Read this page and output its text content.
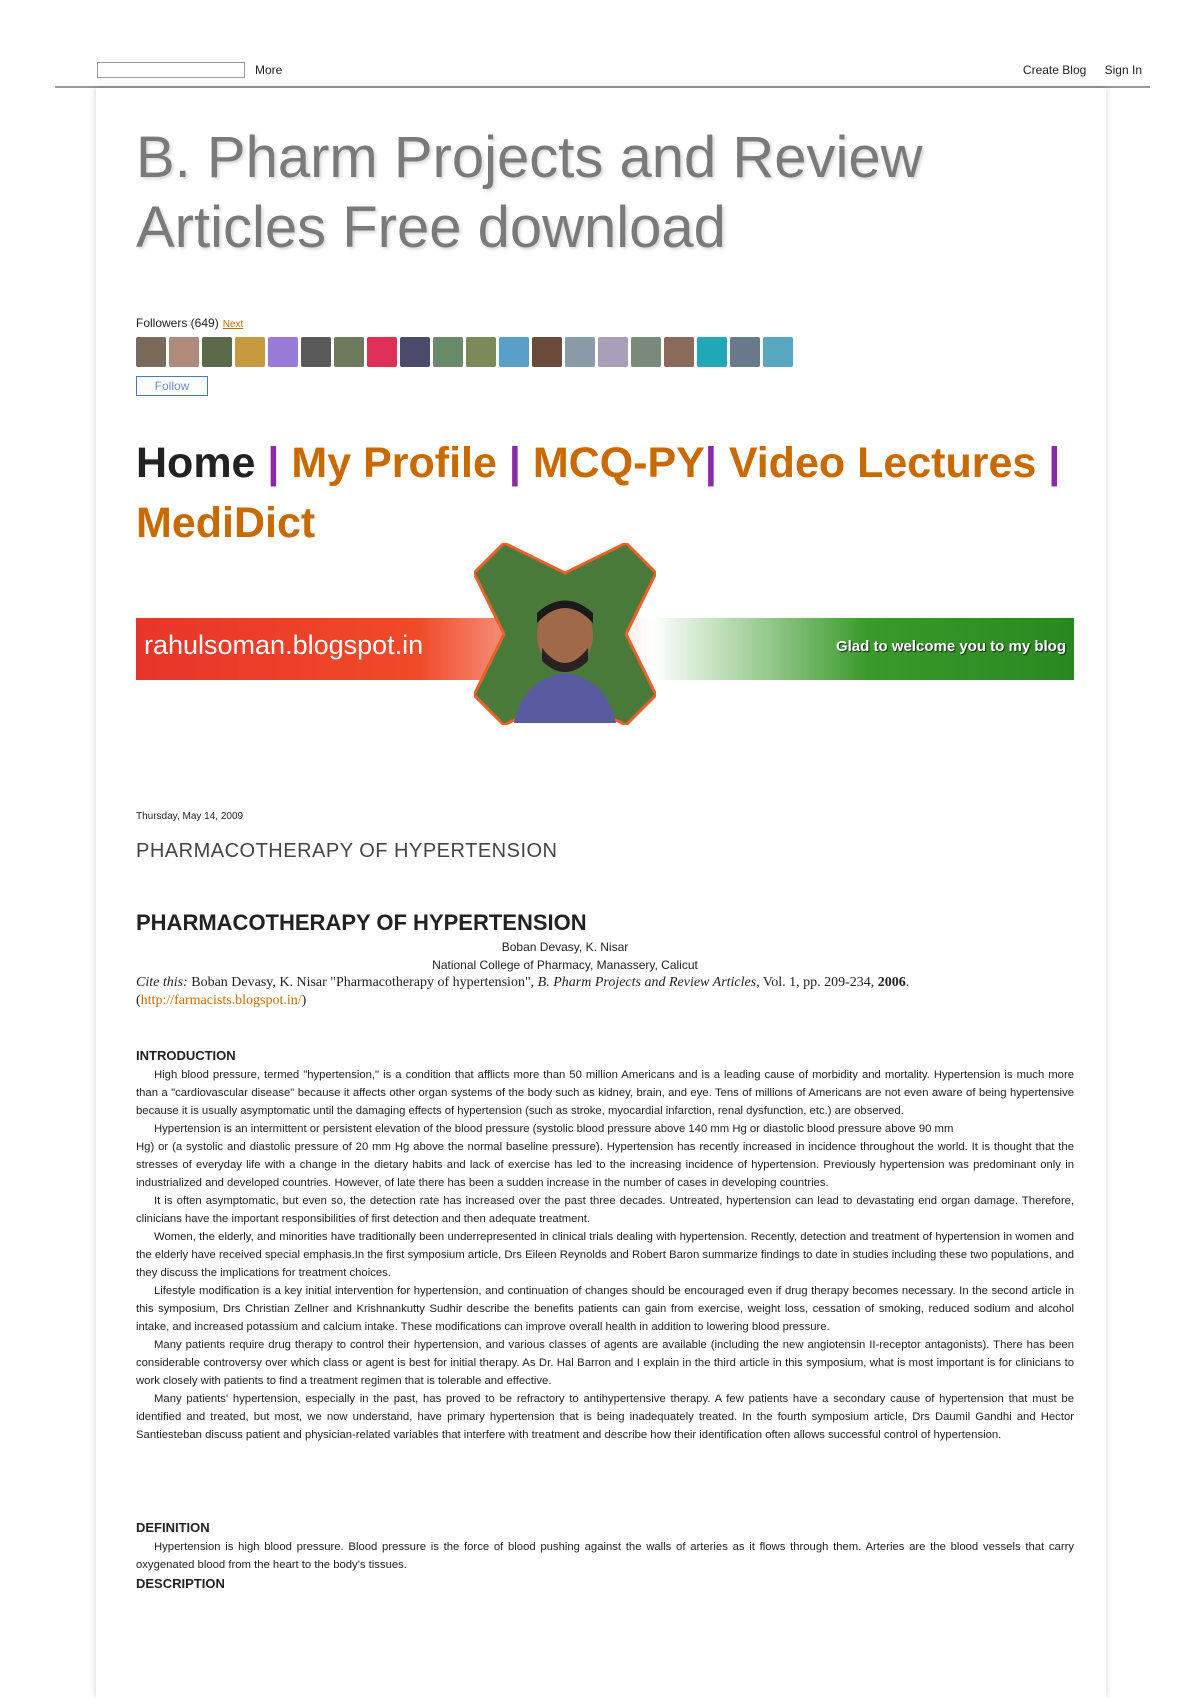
More	Create Blog Sign In
B. Pharm Projects and Review Articles Free download
Followers (649) Next
Follow
Home | My Profile | MCQ-PY| Video Lectures | MediDict
rahulsoman.blogspot.in	Glad to welcome you to my blog
Thursday, May 14, 2009
PHARMACOTHERAPY OF HYPERTENSION
PHARMACOTHERAPY OF HYPERTENSION
Boban Devasy, K. Nisar
National College of Pharmacy, Manassery, Calicut
Cite this: Boban Devasy, K. Nisar "Pharmacotherapy of hypertension", B. Pharm Projects and Review Articles, Vol. 1, pp. 209-234, 2006.
(http://farmacists.blogspot.in/)
INTRODUCTION

High blood pressure, termed "hypertension," is a condition that afflicts more than 50 million Americans and is a leading cause of morbidity and mortality. Hypertension is much more than a "cardiovascular disease" because it affects other organ systems of the body such as kidney, brain, and eye. Tens of millions of Americans are not even aware of being hypertensive because it is usually asymptomatic until the damaging effects of hypertension (such as stroke, myocardial infarction, renal dysfunction, etc.) are observed.

Hypertension is an intermittent or persistent elevation of the blood pressure (systolic blood pressure above 140 mm Hg or diastolic blood pressure above 90 mm

Hg) or (a systolic and diastolic pressure of 20 mm Hg above the normal baseline pressure). Hypertension has recently increased in incidence throughout the world. It is thought that the stresses of everyday life with a change in the dietary habits and lack of exercise has led to the increasing incidence of hypertension. Previously hypertension was predominant only in industrialized and developed countries. However, of late there has been a sudden increase in the number of cases in developing countries.

It is often asymptomatic, but even so, the detection rate has increased over the past three decades. Untreated, hypertension can lead to devastating end organ damage. Therefore, clinicians have the important responsibilities of first detection and then adequate treatment.

Women, the elderly, and minorities have traditionally been underrepresented in clinical trials dealing with hypertension. Recently, detection and treatment of hypertension in women and the elderly have received special emphasis.In the first symposium article, Drs Eileen Reynolds and Robert Baron summarize findings to date in studies including these two populations, and they discuss the implications for treatment choices.

Lifestyle modification is a key initial intervention for hypertension, and continuation of changes should be encouraged even if drug therapy becomes necessary. In the second article in this symposium, Drs Christian Zellner and Krishnankutty Sudhir describe the benefits patients can gain from exercise, weight loss, cessation of smoking, reduced sodium and alcohol intake, and increased potassium and calcium intake. These modifications can improve overall health in addition to lowering blood pressure.

Many patients require drug therapy to control their hypertension, and various classes of agents are available (including the new angiotensin II-receptor antagonists). There has been considerable controversy over which class or agent is best for initial therapy. As Dr. Hal Barron and I explain in the third article in this symposium, what is most important is for clinicians to work closely with patients to find a treatment regimen that is tolerable and effective.

Many patients' hypertension, especially in the past, has proved to be refractory to antihypertensive therapy. A few patients have a secondary cause of hypertension that must be identified and treated, but most, we now understand, have primary hypertension that is being inadequately treated. In the fourth symposium article, Drs Daumil Gandhi and Hector Santiesteban discuss patient and physician-related variables that interfere with treatment and describe how their identification often allows successful control of hypertension.

DEFINITION

Hypertension is high blood pressure. Blood pressure is the force of blood pushing against the walls of arteries as it flows through them. Arteries are the blood vessels that carry oxygenated blood from the heart to the body's tissues.

DESCRIPTION
